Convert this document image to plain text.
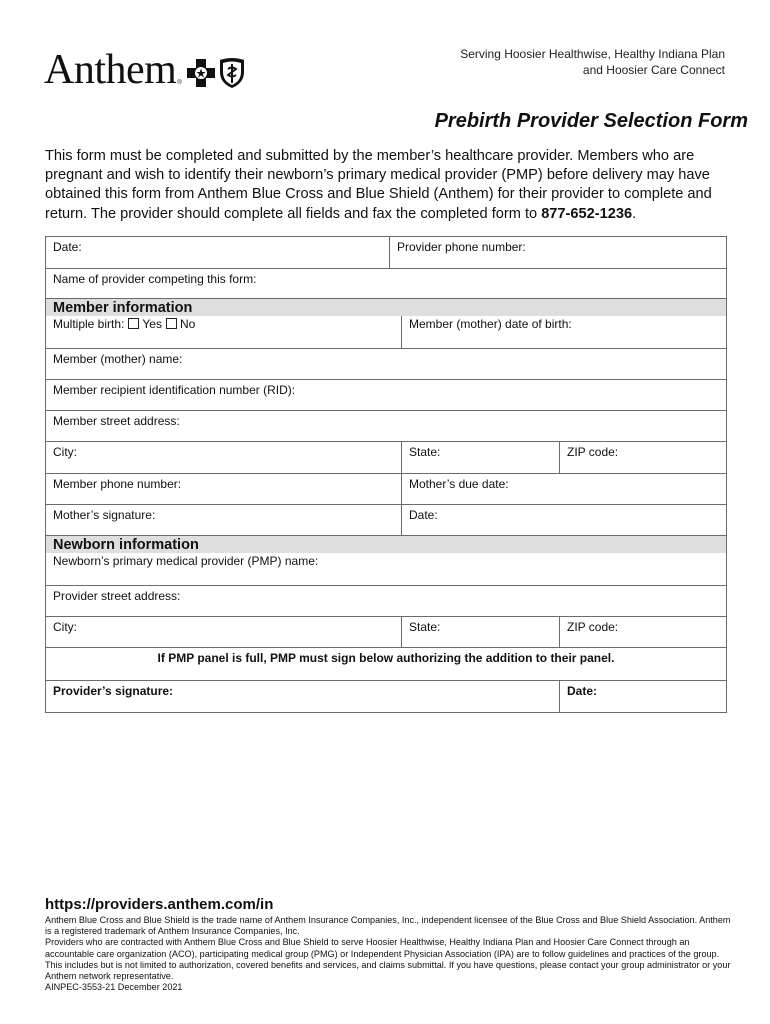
Anthem ®
Serving Hoosier Healthwise, Healthy Indiana Plan
and Hoosier Care Connect
Prebirth Provider Selection Form
This form must be completed and submitted by the member’s healthcare provider. Members who are pregnant and wish to identify their newborn’s primary medical provider (PMP) before delivery may have obtained this form from Anthem Blue Cross and Blue Shield (Anthem) for their provider to complete and return. The provider should complete all fields and fax the completed form to 877-652-1236.
Date:	Provider phone number:
Name of provider competing this form:
Member information
Multiple birth: Yes No	Member (mother) date of birth:
Member (mother) name:
Member recipient identification number (RID):
Member street address:
City:	State:	ZIP code:
Member phone number:	Mother’s due date:
Mother’s signature:	Date:
Newborn information
Newborn’s primary medical provider (PMP) name:
Provider street address:
City:	State:	ZIP code:
If PMP panel is full, PMP must sign below authorizing the addition to their panel.
Provider’s signature:	Date:
https://providers.anthem.com/in
Anthem Blue Cross and Blue Shield is the trade name of Anthem Insurance Companies, Inc., independent licensee of the Blue Cross and Blue Shield Association. Anthem is a registered trademark of Anthem Insurance Companies, Inc.
Providers who are contracted with Anthem Blue Cross and Blue Shield to serve Hoosier Healthwise, Healthy Indiana Plan and Hoosier Care Connect through an accountable care organization (ACO), participating medical group (PMG) or Independent Physician Association (IPA) are to follow guidelines and practices of the group. This includes but is not limited to authorization, covered benefits and services, and claims submittal. If you have questions, please contact your group administrator or your Anthem network representative.
AINPEC-3553-21 December 2021
